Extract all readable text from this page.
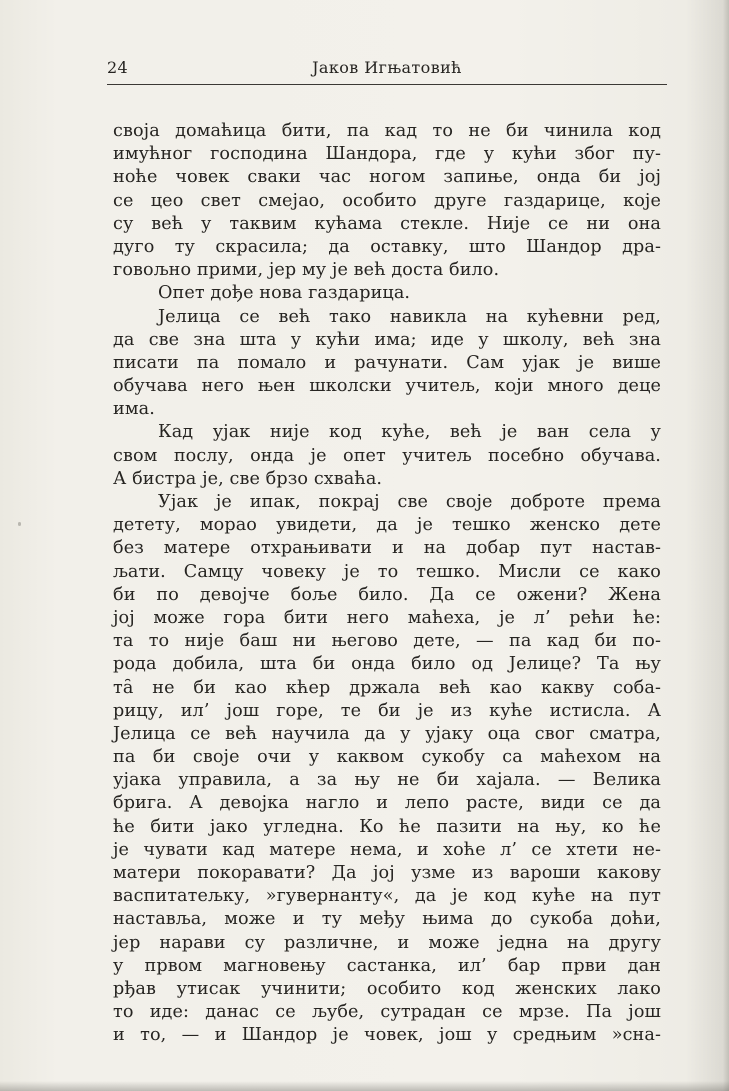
24	Јаков Игњатовић
своја домаћица бити, па кад то не би чинила код
имућног господина Шандора, где у кући због пу-
ноће човек сваки час ногом запиње, онда би јој
се цео свет смејао, особито друге газдарице, које
су већ у таквим кућама стекле. Није се ни она
дуго ту скрасила; да оставку, што Шандор дра-
говољно прими, јер му је већ доста било.
Опет дође нова газдарица.
Јелица се већ тако навикла на кућевни ред,
да све зна шта у кући има; иде у школу, већ зна
писати па помало и рачунати. Сам ујак је више
обучава него њен школски учитељ, који много деце
има.
Кад ујак није код куће, већ је ван села у
свом послу, онда је опет учитељ посебно обучава.
А бистра је, све брзо схваћа.
Ујак је ипак, покрај све своје доброте према
детету, морао увидети, да је тешко женско дете
без матере отхрањивати и на добар пут настав-
љати. Самцу човеку је то тешко. Мисли се како
би по девојче боље било. Да се ожени? Жена
јој може гора бити него маћеха, је л’ рећи ће:
та то није баш ни његово дете, — па кад би по-
рода добила, шта би онда било од Јелице? Та њу
та̑ не би као кћер држала већ као какву соба-
рицу, ил’ још горе, те би је из куће истисла. А
Јелица се већ научила да у ујаку оца свог сматра,
па би своје очи у каквом сукобу са маћехом на
ујака управила, а за њу не би хајала. — Велика
брига. А девојка нагло и лепо расте, види се да
ће бити јако угледна. Ко ће пазити на њу, ко ће
је чувати кад матере нема, и хоће л’ се хтети не-
матери покоравати? Да јој узме из вароши какову
васпитатељку, »гувернанту«, да је код куће на пут
наставља, може и ту међу њима до сукоба доћи,
јер нарави су различне, и може једна на другу
у првом магновењу састанка, ил’ бар први дан
рђав утисак учинити; особито код женских лако
то иде: данас се љубе, сутрадан се мрзе. Па још
и то, — и Шандор је човек, још у средњим »сна-
